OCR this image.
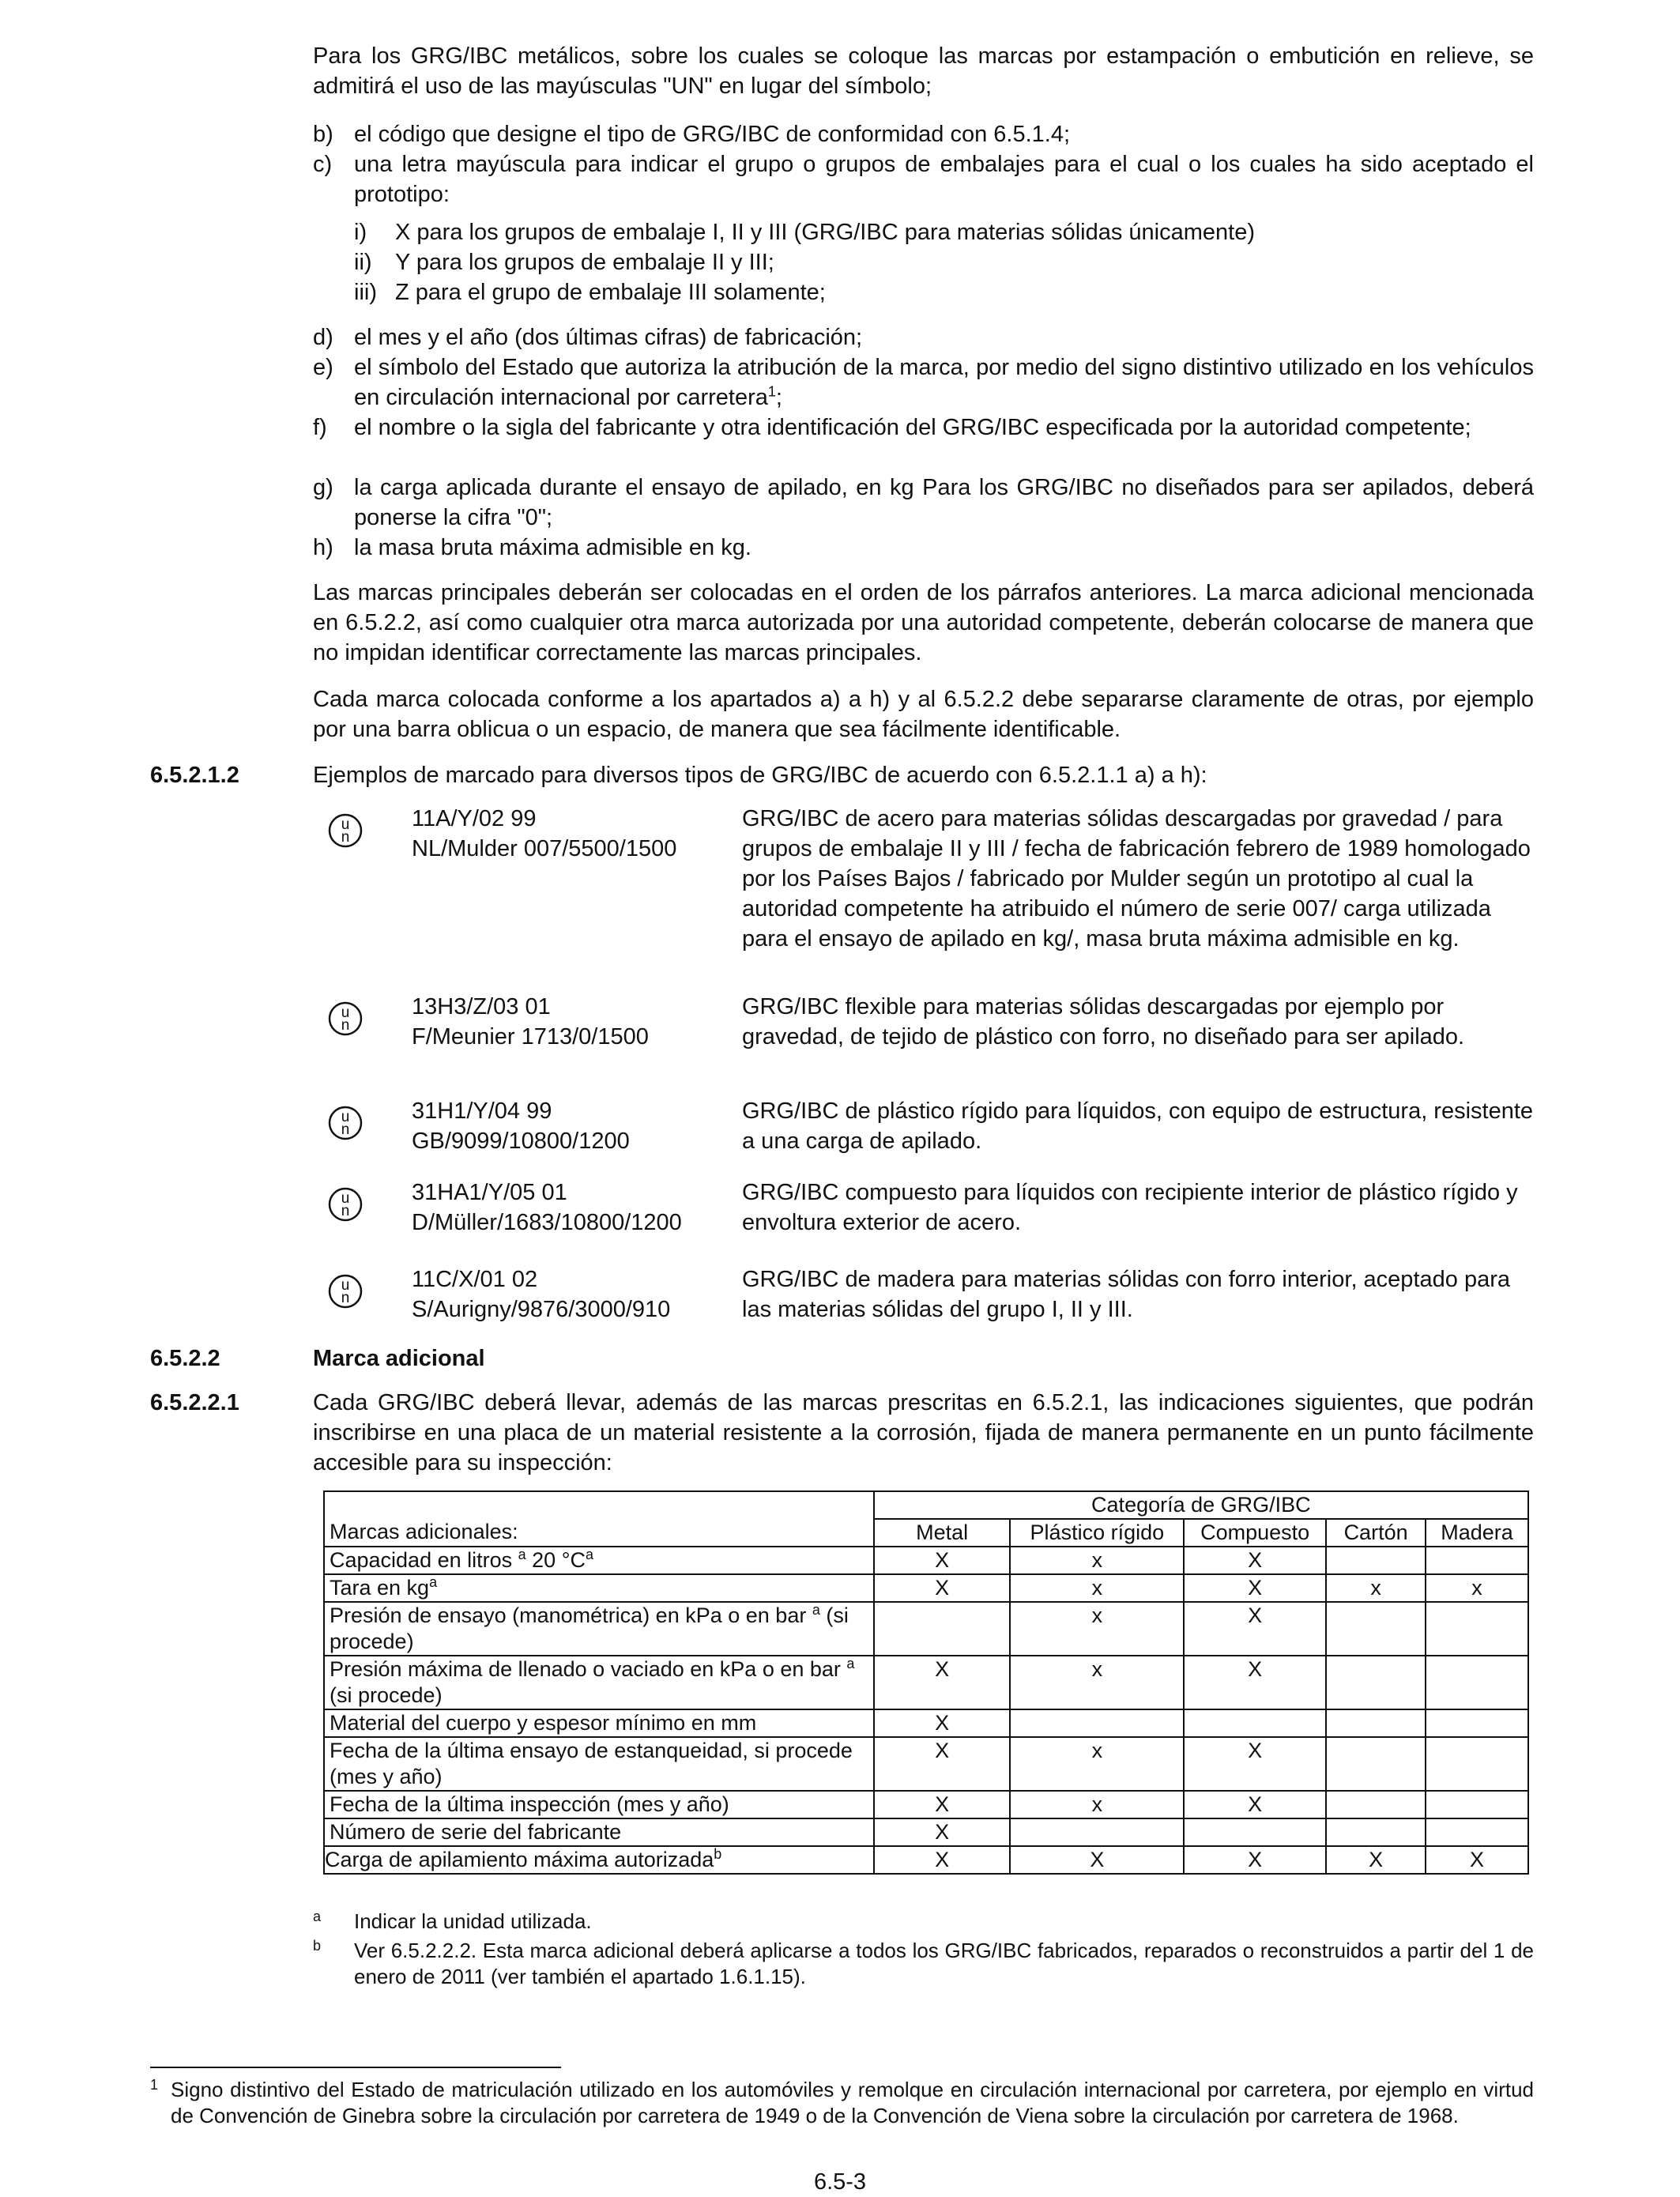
Para los GRG/IBC metálicos, sobre los cuales se coloque las marcas por estampación o embutición en relieve, se admitirá el uso de las mayúsculas "UN" en lugar del símbolo;
b) el código que designe el tipo de GRG/IBC de conformidad con 6.5.1.4;
c) una letra mayúscula para indicar el grupo o grupos de embalajes para el cual o los cuales ha sido aceptado el prototipo:
i) X para los grupos de embalaje I, II y III (GRG/IBC para materias sólidas únicamente)
ii) Y para los grupos de embalaje II y III;
iii) Z para el grupo de embalaje III solamente;
d) el mes y el año (dos últimas cifras) de fabricación;
e) el símbolo del Estado que autoriza la atribución de la marca, por medio del signo distintivo utilizado en los vehículos en circulación internacional por carretera$^1$;
f) el nombre o la sigla del fabricante y otra identificación del GRG/IBC especificada por la autoridad competente;
g) la carga aplicada durante el ensayo de apilado, en kg Para los GRG/IBC no diseñados para ser apilados, deberá ponerse la cifra "0";
h) la masa bruta máxima admisible en kg.
Las marcas principales deberán ser colocadas en el orden de los párrafos anteriores. La marca adicional mencionada en 6.5.2.2, así como cualquier otra marca autorizada por una autoridad competente, deberán colocarse de manera que no impidan identificar correctamente las marcas principales.
Cada marca colocada conforme a los apartados a) a h) y al 6.5.2.2 debe separarse claramente de otras, por ejemplo por una barra oblicua o un espacio, de manera que sea fácilmente identificable.
6.5.2.1.2	Ejemplos de marcado para diversos tipos de GRG/IBC de acuerdo con 6.5.2.1.1 a) a h):
u
n
11A/Y/02 99
NL/Mulder 007/5500/1500
GRG/IBC de acero para materias sólidas descargadas por gravedad / para grupos de embalaje II y III / fecha de fabricación febrero de 1989 homologado por los Países Bajos / fabricado por Mulder según un prototipo al cual la autoridad competente ha atribuido el número de serie 007/ carga utilizada para el ensayo de apilado en kg/, masa bruta máxima admisible en kg.
u
n
13H3/Z/03 01
F/Meunier 1713/0/1500
GRG/IBC flexible para materias sólidas descargadas por ejemplo por gravedad, de tejido de plástico con forro, no diseñado para ser apilado.
u
n
31H1/Y/04 99
GB/9099/10800/1200
GRG/IBC de plástico rígido para líquidos, con equipo de estructura, resistente a una carga de apilado.
u
n
31HA1/Y/05 01
D/Müller/1683/10800/1200
GRG/IBC compuesto para líquidos con recipiente interior de plástico rígido y envoltura exterior de acero.
u
n
11C/X/01 02
S/Aurigny/9876/3000/910
GRG/IBC de madera para materias sólidas con forro interior, aceptado para las materias sólidas del grupo I, II y III.
6.5.2.2	Marca adicional
6.5.2.2.1	Cada GRG/IBC deberá llevar, además de las marcas prescritas en 6.5.2.1, las indicaciones siguientes, que podrán inscribirse en una placa de un material resistente a la corrosión, fijada de manera permanente en un punto fácilmente accesible para su inspección:
	Categoría de GRG/IBC				
Marcas adicionales:	Metal	Plástico rígido	Compuesto	Cartón	Madera
Capacidad en litros $^a$ 20 $^\circ C^a$	X	x	X		
Tara en $kg^a$	X	x	X	x	x
Presión de ensayo (manométrica) en kPa o en bar $^a$ (si procede)		x	X		
Presión máxima de llenado o vaciado en kPa o en bar $^a$ (si procede)	X	x	X		
Material del cuerpo y espesor mínimo en mm	X				
Fecha de la última ensayo de estanqueidad, si procede (mes y año)	X	x	X		
Fecha de la última inspección (mes y año)	X	x	X		
Número de serie del fabricante	X				
Carga de apilamiento máxima autorizada$^b$	X	X	X	X	X
a Indicar la unidad utilizada.
b Ver 6.5.2.2.2. Esta marca adicional deberá aplicarse a todos los GRG/IBC fabricados, reparados o reconstruidos a partir del 1 de enero de 2011 (ver también el apartado 1.6.1.15).
1 Signo distintivo del Estado de matriculación utilizado en los automóviles y remolque en circulación internacional por carretera, por ejemplo en virtud de Convención de Ginebra sobre la circulación por carretera de 1949 o de la Convención de Viena sobre la circulación por carretera de 1968.
6.5-3
